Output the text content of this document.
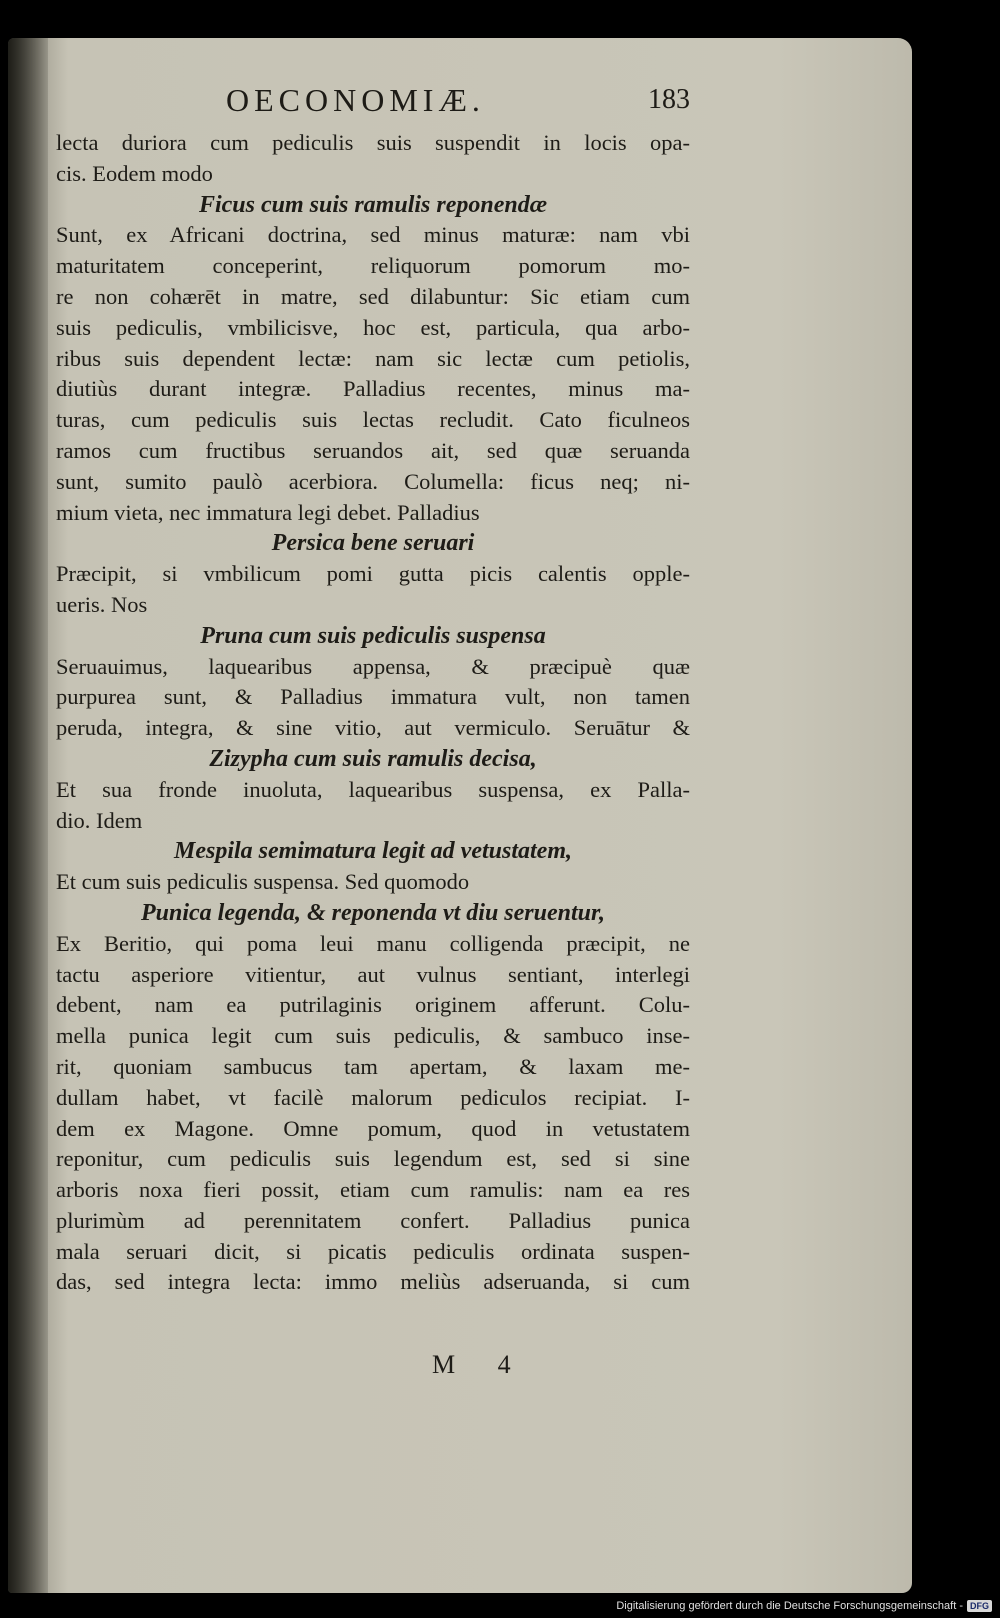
OECONOMIÆ.	183
lecta duriora cum pediculis suis suspendit in locis opa-
cis. Eodem modo
Ficus cum suis ramulis reponendæ
Sunt, ex Africani doctrina, sed minus maturæ: nam vbi
maturitatem conceperint, reliquorum pomorum mo-
re non cohærēt in matre, sed dilabuntur: Sic etiam cum
suis pediculis, vmbilicisve, hoc est, particula, qua arbo-
ribus suis dependent lectæ: nam sic lectæ cum petiolis,
diutiùs durant integræ. Palladius recentes, minus ma-
turas, cum pediculis suis lectas recludit. Cato ficulneos
ramos cum fructibus seruandos ait, sed quæ seruanda
sunt, sumito paulò acerbiora. Columella: ficus neq; ni-
mium vieta, nec immatura legi debet. Palladius
Persica bene seruari
Præcipit, si vmbilicum pomi gutta picis calentis opple-
ueris. Nos
Pruna cum suis pediculis suspensa
Seruauimus, laquearibus appensa, & præcipuè quæ
purpurea sunt, & Palladius immatura vult, non tamen
peruda, integra, & sine vitio, aut vermiculo. Seruātur &
Zizypha cum suis ramulis decisa,
Et sua fronde inuoluta, laquearibus suspensa, ex Palla-
dio. Idem
Mespila semimatura legit ad vetustatem,
Et cum suis pediculis suspensa. Sed quomodo
Punica legenda, & reponenda vt diu seruentur,
Ex Beritio, qui poma leui manu colligenda præcipit, ne
tactu asperiore vitientur, aut vulnus sentiant, interlegi
debent, nam ea putrilaginis originem afferunt. Colu-
mella punica legit cum suis pediculis, & sambuco inse-
rit, quoniam sambucus tam apertam, & laxam me-
dullam habet, vt facilè malorum pediculos recipiat. I-
dem ex Magone. Omne pomum, quod in vetustatem
reponitur, cum pediculis suis legendum est, sed si sine
arboris noxa fieri possit, etiam cum ramulis: nam ea res
plurimùm ad perennitatem confert. Palladius punica
mala seruari dicit, si picatis pediculis ordinata suspen-
das, sed integra lecta: immo meliùs adseruanda, si cum
M 4
Digitalisierung gefördert durch die Deutsche Forschungsgemeinschaft - DFG
